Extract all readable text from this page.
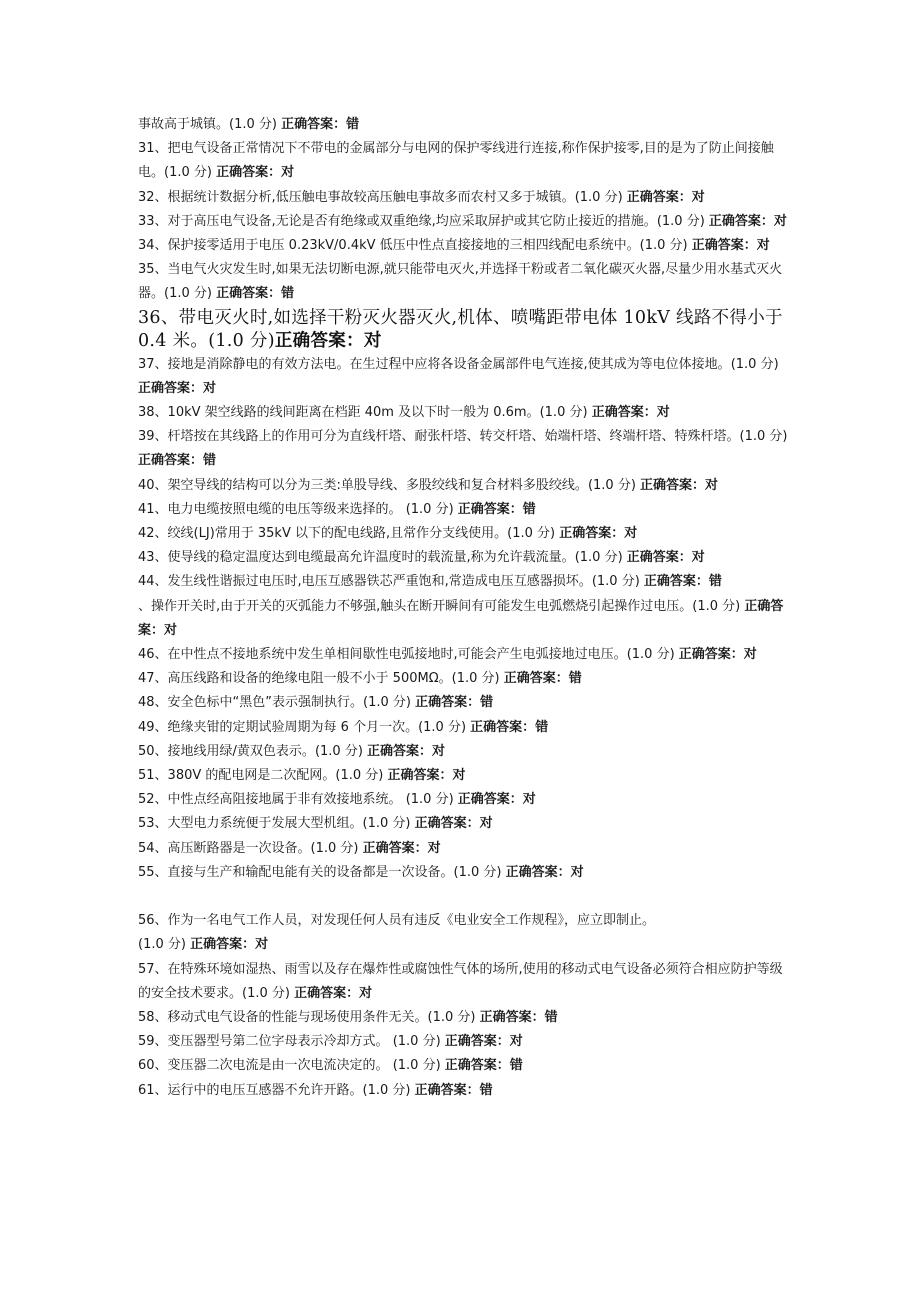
事故高于城镇。(1.0 分) 正确答案：错

31、把电气设备正常情况下不带电的金属部分与电网的保护零线进行连接,称作保护接零,目的是为了防止间接触电。(1.0 分) 正确答案：对

32、根据统计数据分析,低压触电事故较高压触电事故多而农村又多于城镇。(1.0 分) 正确答案：对

33、对于高压电气设备,无论是否有绝缘或双重绝缘,均应采取屏护或其它防止接近的措施。(1.0 分) 正确答案：对

34、保护接零适用于电压 0.23kV/0.4kV 低压中性点直接接地的三相四线配电系统中。(1.0 分) 正确答案：对

35、当电气火灾发生时,如果无法切断电源,就只能带电灭火,并选择干粉或者二氧化碳灭火器,尽量少用水基式灭火器。(1.0 分) 正确答案：错

36、带电灭火时,如选择干粉灭火器灭火,机体、喷嘴距带电体 10kV 线路不得小于 0.4 米。(1.0 分)正确答案：对

37、接地是消除静电的有效方法电。在生过程中应将各设备金属部件电气连接,使其成为等电位体接地。(1.0 分) 正确答案：对

38、10kV 架空线路的线间距离在档距 40m 及以下时一般为 0.6m。(1.0 分) 正确答案：对

39、杆塔按在其线路上的作用可分为直线杆塔、耐张杆塔、转交杆塔、始端杆塔、终端杆塔、特殊杆塔。(1.0 分) 正确答案：错

40、架空导线的结构可以分为三类:单股导线、多股绞线和复合材料多股绞线。(1.0 分) 正确答案：对

41、电力电缆按照电缆的电压等级来选择的。 (1.0 分) 正确答案：错

42、绞线(LJ)常用于 35kV 以下的配电线路,且常作分支线使用。(1.0 分) 正确答案：对

43、使导线的稳定温度达到电缆最高允许温度时的载流量,称为允许载流量。(1.0 分) 正确答案：对

44、发生线性谐振过电压时,电压互感器铁芯严重饱和,常造成电压互感器损坏。(1.0 分) 正确答案：错

、操作开关时,由于开关的灭弧能力不够强,触头在断开瞬间有可能发生电弧燃烧引起操作过电压。(1.0 分) 正确答案：对

46、在中性点不接地系统中发生单相间歇性电弧接地时,可能会产生电弧接地过电压。(1.0 分) 正确答案：对

47、高压线路和设备的绝缘电阻一般不小于 500MΩ。(1.0 分) 正确答案：错

48、安全色标中“黑色”表示强制执行。(1.0 分) 正确答案：错

49、绝缘夹钳的定期试验周期为每 6 个月一次。(1.0 分) 正确答案：错

50、接地线用绿/黄双色表示。(1.0 分) 正确答案：对

51、380V 的配电网是二次配网。(1.0 分) 正确答案：对

52、中性点经高阻接地属于非有效接地系统。 (1.0 分) 正确答案：对

53、大型电力系统便于发展大型机组。(1.0 分) 正确答案：对

54、高压断路器是一次设备。(1.0 分) 正确答案：对

55、直接与生产和输配电能有关的设备都是一次设备。(1.0 分) 正确答案：对

56、作为一名电气工作人员，对发现任何人员有违反《电业安全工作规程》，应立即制止。
(1.0 分) 正确答案：对

57、在特殊环境如湿热、雨雪以及存在爆炸性或腐蚀性气体的场所,使用的移动式电气设备必须符合相应防护等级的安全技术要求。(1.0 分) 正确答案：对

58、移动式电气设备的性能与现场使用条件无关。(1.0 分) 正确答案：错

59、变压器型号第二位字母表示冷却方式。 (1.0 分) 正确答案：对

60、变压器二次电流是由一次电流决定的。 (1.0 分) 正确答案：错

61、运行中的电压互感器不允许开路。(1.0 分) 正确答案：错
